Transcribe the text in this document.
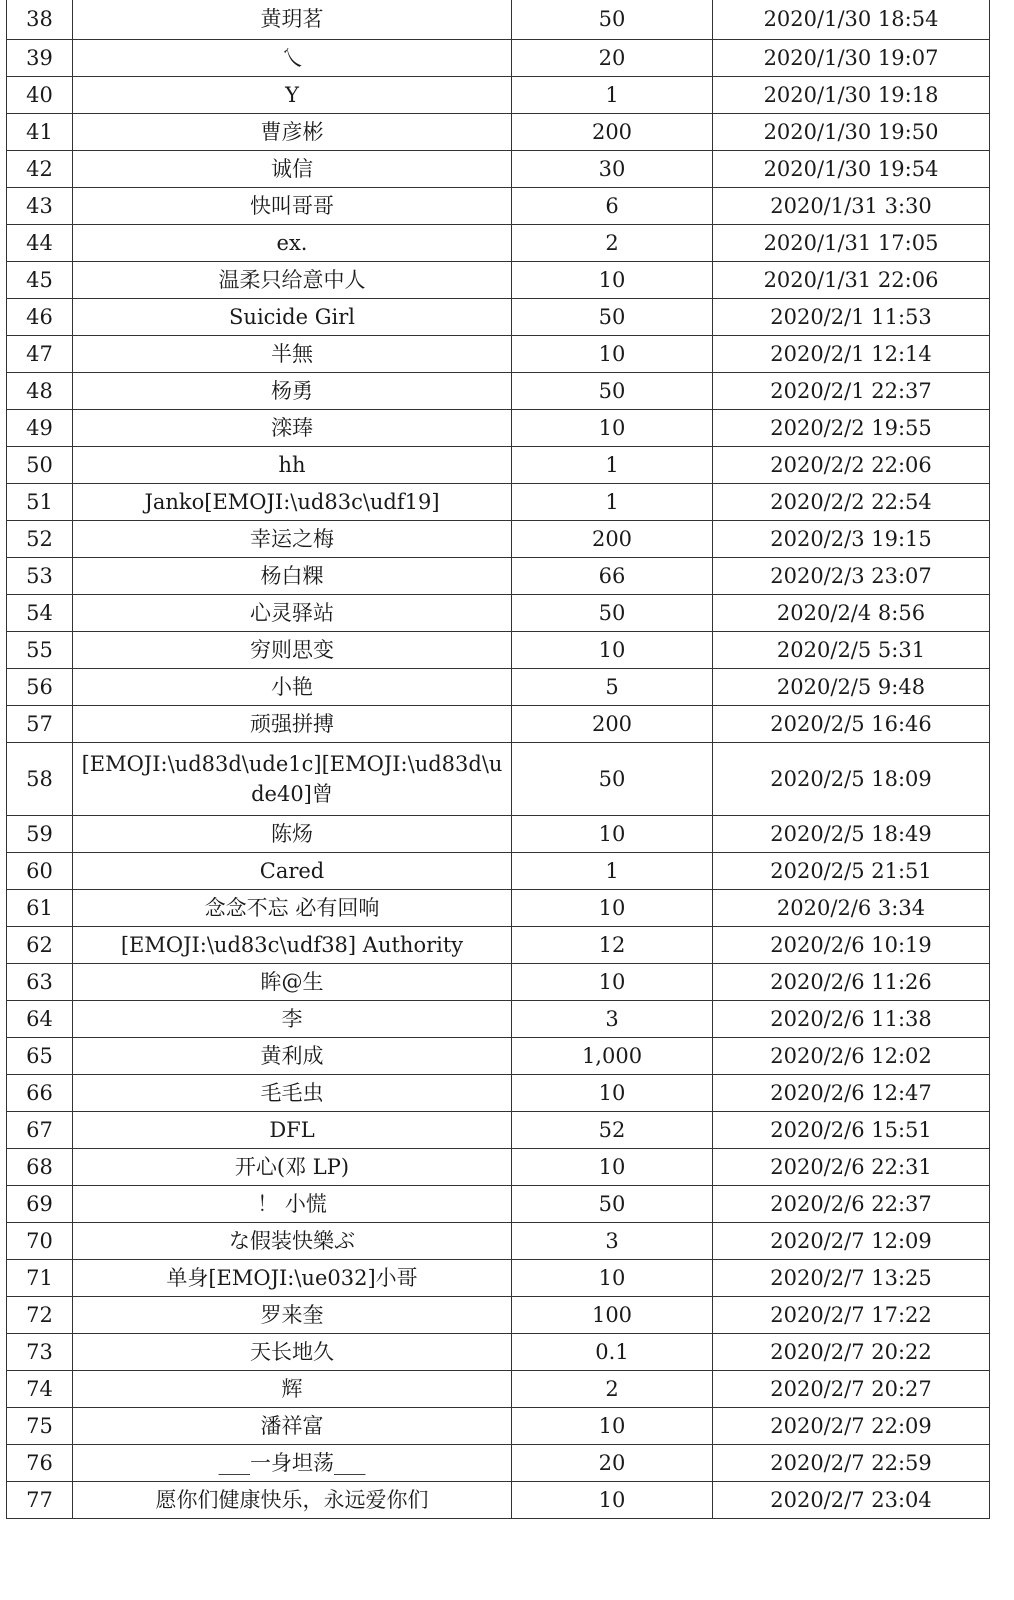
38	黄玥茗	50	2020/1/30 18:54
39	乀	20	2020/1/30 19:07
40	Y	1	2020/1/30 19:18
41	曹彦彬	200	2020/1/30 19:50
42	诚信	30	2020/1/30 19:54
43	快叫哥哥	6	2020/1/31 3:30
44	ex.	2	2020/1/31 17:05
45	温柔只给意中人	10	2020/1/31 22:06
46	Suicide Girl	50	2020/2/1 11:53
47	半無	10	2020/2/1 12:14
48	杨勇	50	2020/2/1 22:37
49	滦琫	10	2020/2/2 19:55
50	hh	1	2020/2/2 22:06
51	Janko[EMOJI:\ud83c\udf19]	1	2020/2/2 22:54
52	幸运之梅	200	2020/2/3 19:15
53	杨白粿	66	2020/2/3 23:07
54	心灵驿站	50	2020/2/4 8:56
55	穷则思变	10	2020/2/5 5:31
56	小艳	5	2020/2/5 9:48
57	顽强拼搏	200	2020/2/5 16:46
58	[EMOJI:\ud83d\ude1c][EMOJI:\ud83d\ude40]曾	50	2020/2/5 18:09
59	陈炀	10	2020/2/5 18:49
60	Cared	1	2020/2/5 21:51
61	念念不忘 必有回响	10	2020/2/6 3:34
62	[EMOJI:\ud83c\udf38] Authority	12	2020/2/6 10:19
63	眸@生	10	2020/2/6 11:26
64	李	3	2020/2/6 11:38
65	黄利成	1,000	2020/2/6 12:02
66	毛毛虫	10	2020/2/6 12:47
67	DFL	52	2020/2/6 15:51
68	开心(邓 LP)	10	2020/2/6 22:31
69	！ 小慌	50	2020/2/6 22:37
70	な假装快樂ぶ	3	2020/2/7 12:09
71	单身[EMOJI:\ue032]小哥	10	2020/2/7 13:25
72	罗来奎	100	2020/2/7 17:22
73	天长地久	0.1	2020/2/7 20:22
74	辉	2	2020/2/7 20:27
75	潘祥富	10	2020/2/7 22:09
76	___一身坦荡___	20	2020/2/7 22:59
77	愿你们健康快乐，永远爱你们	10	2020/2/7 23:04
